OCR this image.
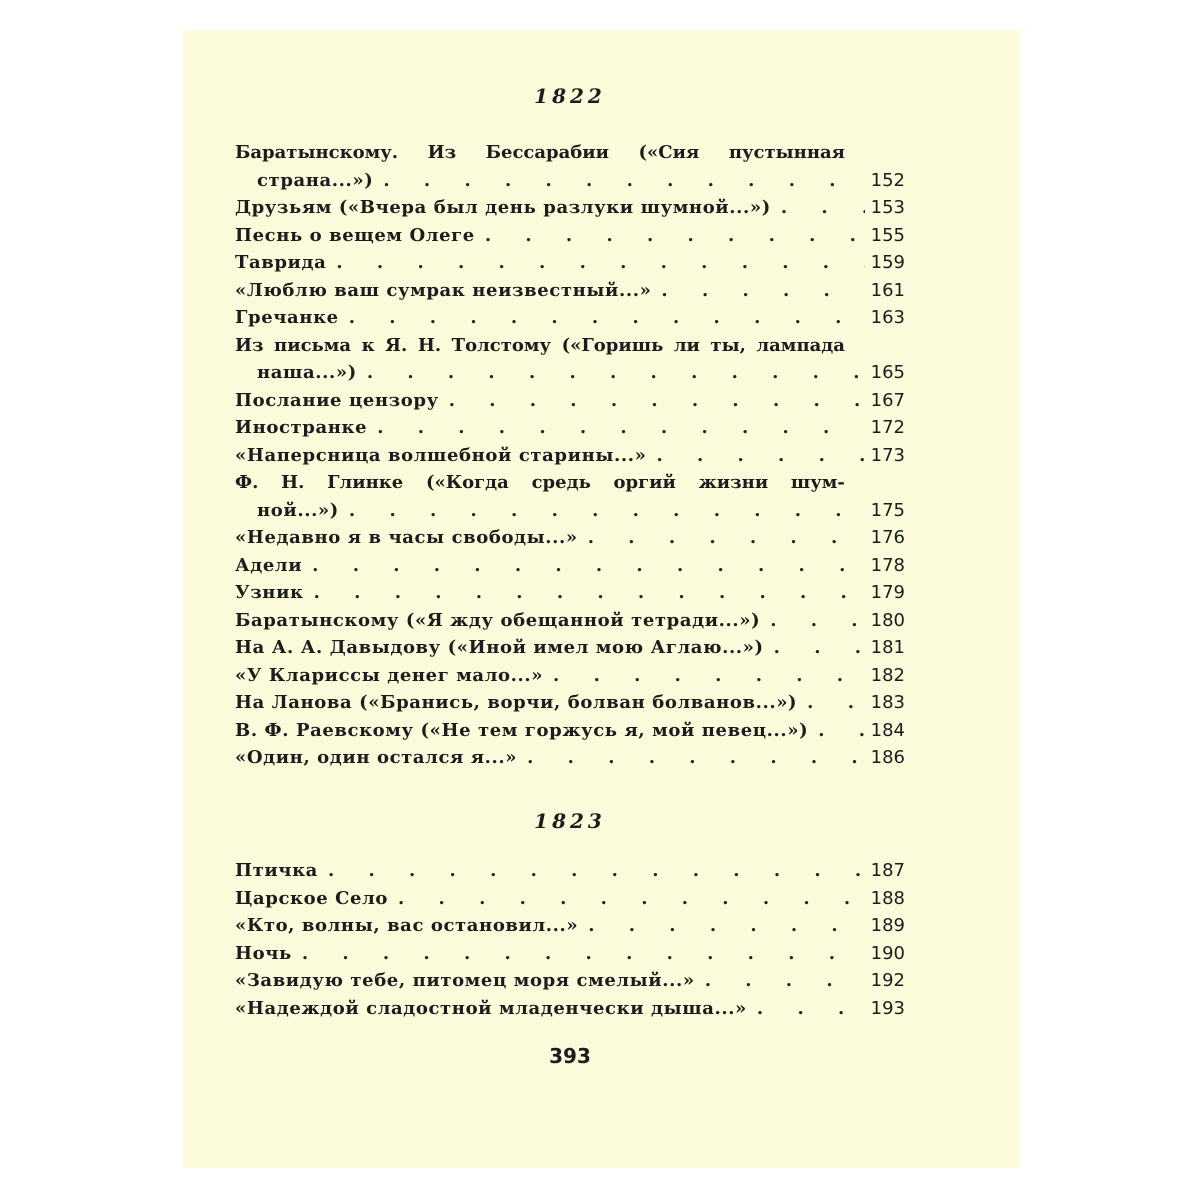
1822
Баратынскому. Из Бессарабии («Сия пустынная
страна...») . . .	152
Друзьям («Вчера был день разлуки шумной...») . . .	153
Песнь о вещем Олеге . . .	155
Таврида . . .	159
«Люблю ваш сумрак неизвестный...» . . .	161
Гречанке . . .	163
Из письма к Я. Н. Толстому («Горишь ли ты, лампада
наша...») . . .	165
Послание цензору . . .	167
Иностранке . . .	172
«Наперсница волшебной старины...» . . .	173
Ф. Н. Глинке («Когда средь оргий жизни шум-
ной...») . . .	175
«Недавно я в часы свободы...» . . .	176
Адели . . .	178
Узник . . .	179
Баратынскому («Я жду обещанной тетради...») . . .	180
На А. А. Давыдову («Иной имел мою Аглаю...») . . .	181
«У Клариссы денег мало...» . . .	182
На Ланова («Бранись, ворчи, болван болванов...») . . .	183
В. Ф. Раевскому («Не тем горжусь я, мой певец...») . . .	184
«Один, один остался я...» . . .	186
1823
Птичка . . .	187
Царское Село . . .	188
«Кто, волны, вас остановил...» . . .	189
Ночь . . .	190
«Завидую тебе, питомец моря смелый...» . . .	192
«Надеждой сладостной младенчески дыша...» . . .	193
393
